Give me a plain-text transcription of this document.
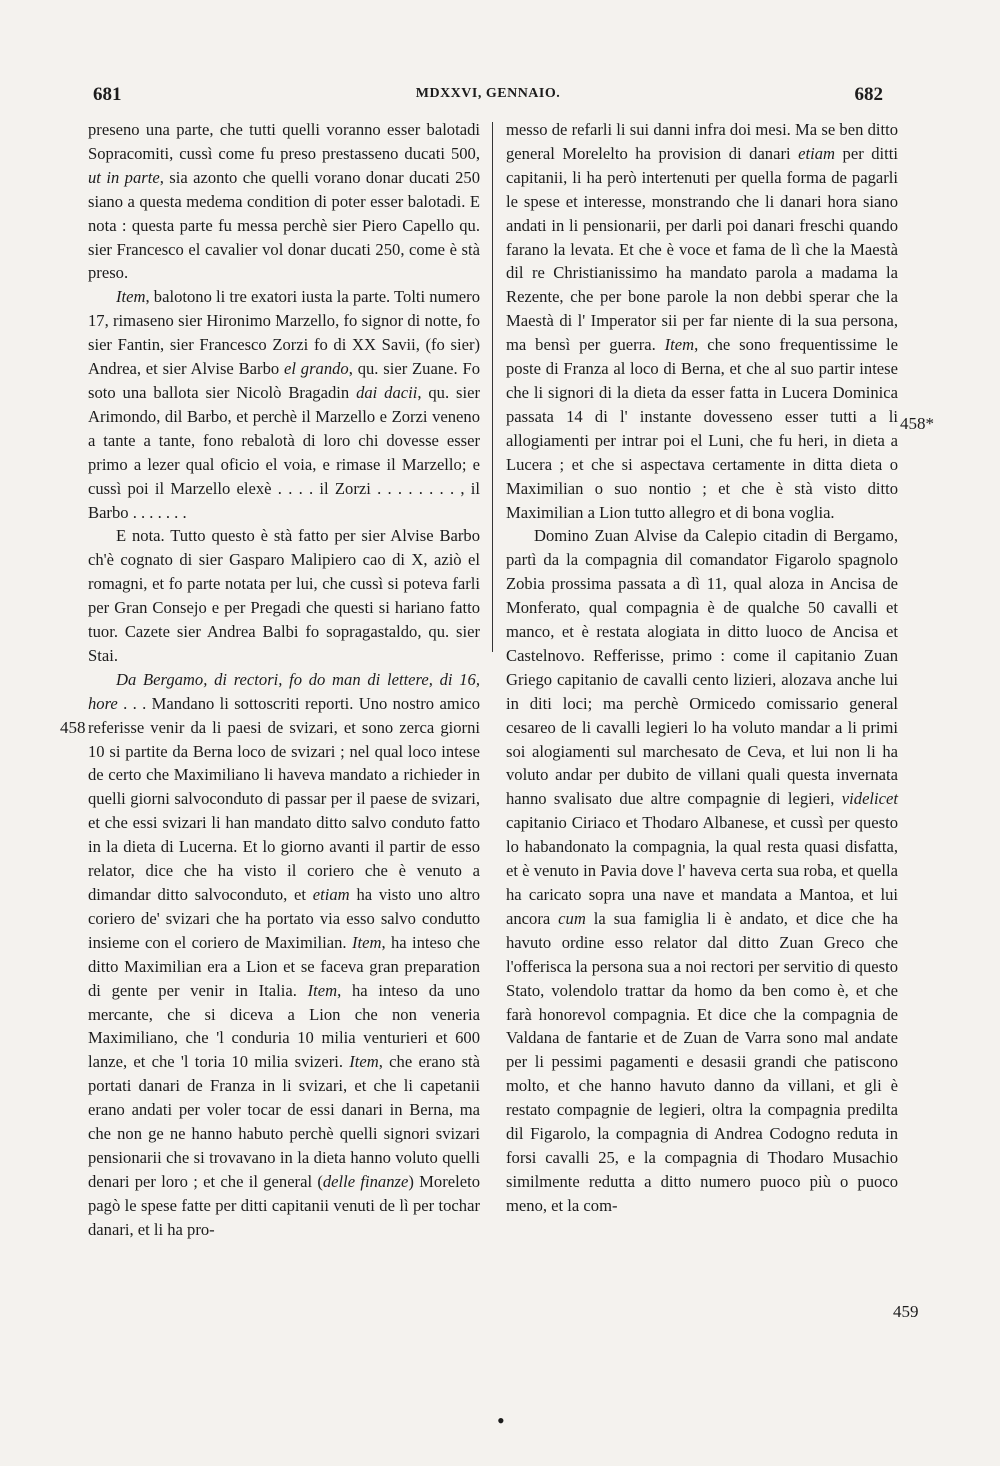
681	MDXXVI, GENNAIO.	682

preseno una parte, che tutti quelli voranno esser balotadi Sopracomiti, cussì come fu preso prestasseno ducati 500, ut in parte, sia azonto che quelli vorano donar ducati 250 siano a questa medema condition di poter esser balotadi. E nota : questa parte fu messa perchè sier Piero Capello qu. sier Francesco el cavalier vol donar ducati 250, come è stà preso.

Item, balotono li tre exatori iusta la parte. Tolti numero 17, rimaseno sier Hironimo Marzello, fo signor di notte, fo sier Fantin, sier Francesco Zorzi fo di XX Savii, (fo sier) Andrea, et sier Alvise Barbo el grando, qu. sier Zuane. Fo soto una ballota sier Nicolò Bragadin dai dacii, qu. sier Arimondo, dil Barbo, et perchè il Marzello e Zorzi veneno a tante a tante, fono rebalotà di loro chi dovesse esser primo a lezer qual oficio el voia, e rimase il Marzello; e cussì poi il Marzello elexè . . . . il Zorzi . . . . . . . . , il Barbo . . . . . . .

E nota. Tutto questo è stà fatto per sier Alvise Barbo ch'è cognato di sier Gasparo Malipiero cao di X, aziò el romagni, et fo parte notata per lui, che cussì si poteva farli per Gran Consejo e per Pregadi che questi si hariano fatto tuor. Cazete sier Andrea Balbi fo sopragastaldo, qu. sier Stai.

Da Bergamo, di rectori, fo do man di lettere, di 16, hore . . . Mandano li sottoscriti reporti. Uno nostro amico referisse venir da li paesi de svizari, et sono zerca giorni 10 si partite da Berna loco de svizari ; nel qual loco intese de certo che Maximiliano li haveva mandato a richieder in quelli giorni salvoconduto di passar per il paese de svizari, et che essi svizari li han mandato ditto salvo conduto fatto in la dieta di Lucerna. Et lo giorno avanti il partir de esso relator, dice che ha visto il coriero che è venuto a dimandar ditto salvoconduto, et etiam ha visto uno altro coriero de' svizari che ha portato via esso salvo condutto insieme con el coriero de Maximilian. Item, ha inteso che ditto Maximilian era a Lion et se faceva gran preparation di gente per venir in Italia. Item, ha inteso da uno mercante, che si diceva a Lion che non veneria Maximiliano, che 'l conduria 10 milia venturieri et 600 lanze, et che 'l toria 10 milia svizeri. Item, che erano stà portati danari de Franza in li svizari, et che li capetanii erano andati per voler tocar de essi danari in Berna, ma che non ge ne hanno habuto perchè quelli signori svizari pensionarii che si trovavano in la dieta hanno voluto quelli denari per loro ; et che il general (delle finanze) Moreleto pagò le spese fatte per ditti capitanii venuti de lì per tochar danari, et li ha pro-

messo de refarli li sui danni infra doi mesi. Ma se ben ditto general Morelelto ha provision di danari etiam per ditti capitanii, li ha però intertenuti per quella forma de pagarli le spese et interesse, monstrando che li danari hora siano andati in li pensionarii, per darli poi danari freschi quando farano la levata. Et che è voce et fama de lì che la Maestà dil re Christianissimo ha mandato parola a madama la Rezente, che per bone parole la non debbi sperar che la Maestà di l' Imperator sii per far niente di la sua persona, ma bensì per guerra. Item, che sono frequentissime le poste di Franza al loco di Berna, et che al suo partir intese che li signori di la dieta da esser fatta in Lucera Dominica passata 14 di l' instante dovesseno esser tutti a li allogiamenti per intrar poi el Luni, che fu heri, in dieta a Lucera ; et che si aspectava certamente in ditta dieta o Maximilian o suo nontio ; et che è stà visto ditto Maximilian a Lion tutto allegro et di bona voglia.

Domino Zuan Alvise da Calepio citadin di Bergamo, partì da la compagnia dil comandator Figarolo spagnolo Zobia prossima passata a dì 11, qual aloza in Ancisa de Monferato, qual compagnia è de qualche 50 cavalli et manco, et è restata alogiata in ditto luoco de Ancisa et Castelnovo. Refferisse, primo : come il capitanio Zuan Griego capitanio de cavalli cento lizieri, alozava anche lui in diti loci; ma perchè Ormicedo comissario general cesareo de li cavalli legieri lo ha voluto mandar a li primi soi alogiamenti sul marchesato de Ceva, et lui non li ha voluto andar per dubito de villani quali questa invernata hanno svalisato due altre compagnie di legieri, videlicet capitanio Ciriaco et Thodaro Albanese, et cussì per questo lo habandonato la compagnia, la qual resta quasi disfatta, et è venuto in Pavia dove l' haveva certa sua roba, et quella ha caricato sopra una nave et mandata a Mantoa, et lui ancora cum la sua famiglia li è andato, et dice che ha havuto ordine esso relator dal ditto Zuan Greco che l'offerisca la persona sua a noi rectori per servitio di questo Stato, volendolo trattar da homo da ben como è, et che farà honorevol compagnia. Et dice che la compagnia de Valdana de fantarie et de Zuan de Varra sono mal andate per li pessimi pagamenti e desasii grandi che patiscono molto, et che hanno havuto danno da villani, et gli è restato compagnie de legieri, oltra la compagnia predilta dil Figarolo, la compagnia di Andrea Codogno reduta in forsi cavalli 25, e la compagnia di Thodaro Musachio similmente redutta a ditto numero puoco più o puoco meno, et la com-

458
458*
459
•
